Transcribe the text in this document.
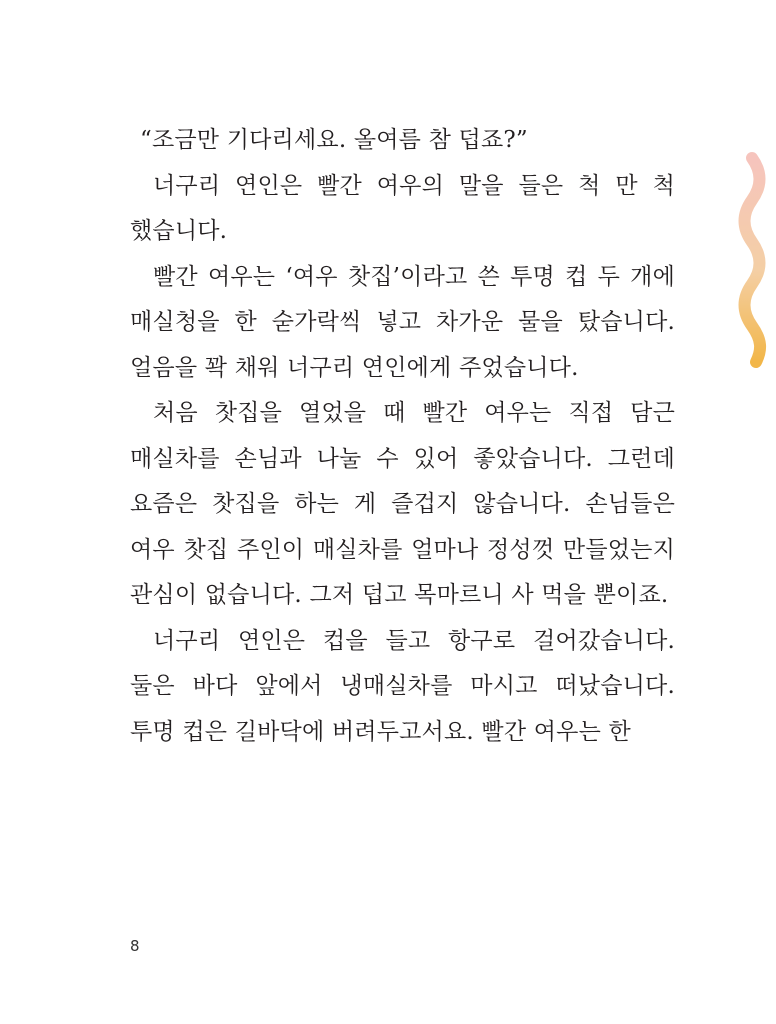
“조금만 기다리세요. 올여름 참 덥죠?”

너구리 연인은 빨간 여우의 말을 들은 척 만 척 했습니다.

빨간 여우는 ‘여우 찻집’이라고 쓴 투명 컵 두 개에 매실청을 한 숟가락씩 넣고 차가운 물을 탔습니다. 얼음을 꽉 채워 너구리 연인에게 주었습니다.

처음 찻집을 열었을 때 빨간 여우는 직접 담근 매실차를 손님과 나눌 수 있어 좋았습니다. 그런데 요즘은 찻집을 하는 게 즐겁지 않습니다. 손님들은 여우 찻집 주인이 매실차를 얼마나 정성껏 만들었는지 관심이 없습니다. 그저 덥고 목마르니 사 먹을 뿐이죠.

너구리 연인은 컵을 들고 항구로 걸어갔습니다. 둘은 바다 앞에서 냉매실차를 마시고 떠났습니다. 투명 컵은 길바닥에 버려두고서요. 빨간 여우는 한

8
